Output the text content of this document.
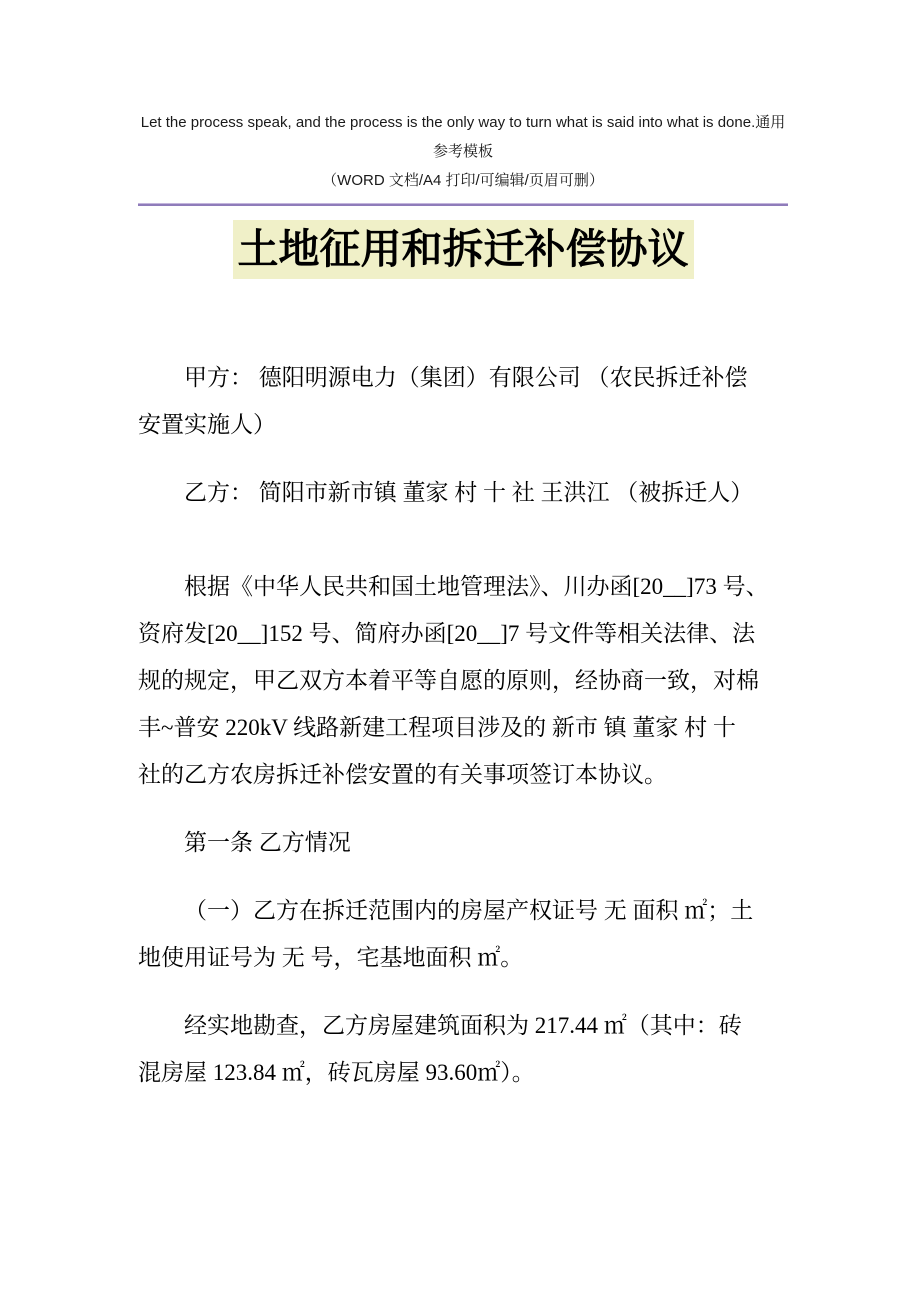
Let the process speak, and the process is the only way to turn what is said into what is done.通用参考模板
（WORD 文档/A4 打印/可编辑/页眉可删）
土地征用和拆迁补偿协议
甲方： 德阳明源电力（集团）有限公司 （农民拆迁补偿
安置实施人）
乙方： 简阳市新市镇 董家 村 十 社 王洪江 （被拆迁人）
根据《中华人民共和国土地管理法》、川办函[20__]73 号、
资府发[20__]152 号、简府办函[20__]7 号文件等相关法律、法
规的规定，甲乙双方本着平等自愿的原则，经协商一致，对棉
丰~普安 220kV 线路新建工程项目涉及的 新市 镇 董家 村 十
社的乙方农房拆迁补偿安置的有关事项签订本协议。
第一条 乙方情况
（一）乙方在拆迁范围内的房屋产权证号 无 面积 ㎡；土
地使用证号为 无 号，宅基地面积 ㎡。
经实地勘查，乙方房屋建筑面积为 217.44 ㎡（其中：砖
混房屋 123.84 ㎡，砖瓦房屋 93.60㎡）。
